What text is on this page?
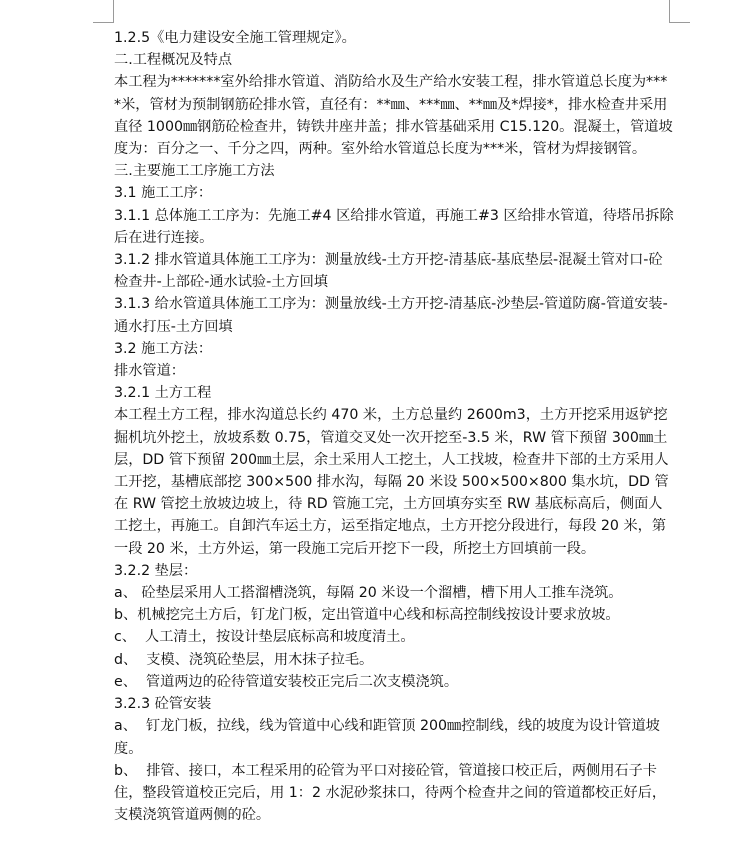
1.2.5《电力建设安全施工管理规定》。

二.工程概况及特点

本工程为*******室外给排水管道、消防给水及生产给水安装工程，排水管道总长度为****米，管材为预制钢筋砼排水管，直径有：**㎜、***㎜、**㎜及*焊接*，排水检查井采用直径 1000㎜钢筋砼检查井，铸铁井座井盖；排水管基础采用 C15.120。混凝土，管道坡度为：百分之一、千分之四，两种。室外给水管道总长度为***米，管材为焊接钢管。

三.主要施工工序施工方法

3.1 施工工序：

3.1.1 总体施工工序为：先施工#4 区给排水管道，再施工#3 区给排水管道，待塔吊拆除后在进行连接。

3.1.2 排水管道具体施工工序为：测量放线-土方开挖-清基底-基底垫层-混凝土管对口-砼检查井-上部砼-通水试验-土方回填

3.1.3 给水管道具体施工工序为：测量放线-土方开挖-清基底-沙垫层-管道防腐-管道安装-通水打压-土方回填

3.2 施工方法：

排水管道：

3.2.1 土方工程

本工程土方工程，排水沟道总长约 470 米，土方总量约 2600m3，土方开挖采用返铲挖掘机坑外挖土，放坡系数 0.75，管道交叉处一次开挖至-3.5 米，RW 管下预留 300㎜土层，DD 管下预留 200㎜土层，余土采用人工挖土，人工找坡，检查井下部的土方采用人工开挖，基槽底部挖 300×500 排水沟，每隔 20 米设 500×500×800 集水坑，DD 管在 RW 管挖土放坡边坡上，待 RD 管施工完，土方回填夯实至 RW 基底标高后，侧面人工挖土，再施工。自卸汽车运土方，运至指定地点，土方开挖分段进行，每段 20 米，第一段 20 米，土方外运，第一段施工完后开挖下一段，所挖土方回填前一段。

3.2.2 垫层：

a、 砼垫层采用人工搭溜槽浇筑，每隔 20 米设一个溜槽，槽下用人工推车浇筑。

b、机械挖完土方后，钉龙门板，定出管道中心线和标高控制线按设计要求放坡。

c、  人工清土，按设计垫层底标高和坡度清土。

d、  支模、浇筑砼垫层，用木抹子拉毛。

e、  管道两边的砼待管道安装校正完后二次支模浇筑。

3.2.3 砼管安装

a、  钉龙门板，拉线，线为管道中心线和距管顶 200㎜控制线，线的坡度为设计管道坡度。

b、  排管、接口，本工程采用的砼管为平口对接砼管，管道接口校正后，两侧用石子卡住，整段管道校正完后，用 1：2 水泥砂浆抹口，待两个检查井之间的管道都校正好后，支模浇筑管道两侧的砼。
